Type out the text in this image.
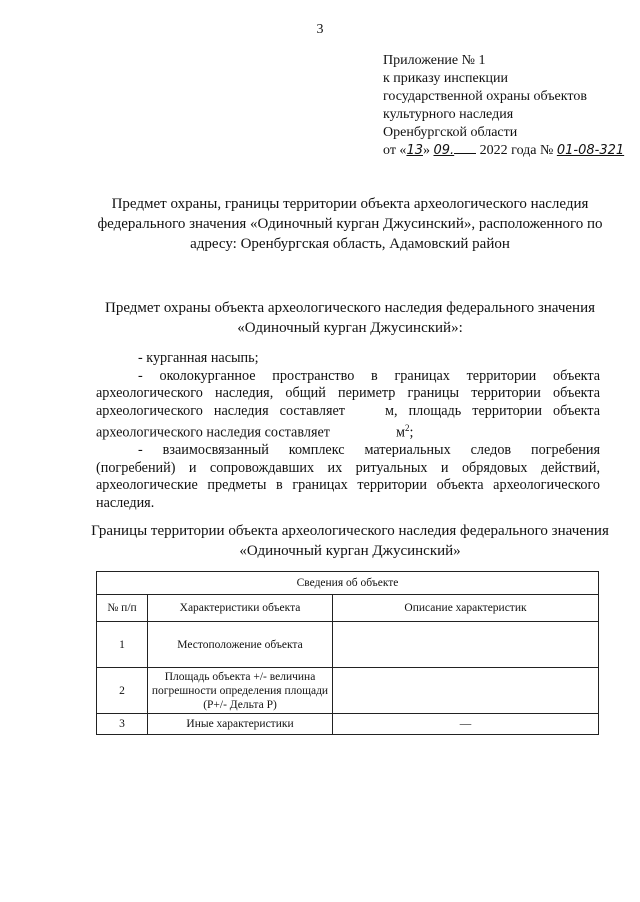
3
Приложение № 1
к приказу инспекции
государственной охраны объектов
культурного наследия
Оренбургской области
от «13» 09. 2022 года № 01-08-321
Предмет охраны, границы территории объекта археологического наследия федерального значения «Одиночный курган Джусинский», расположенного по адресу: Оренбургская область, Адамовский район
Предмет охраны объекта археологического наследия федерального значения «Одиночный курган Джусинский»:

- курганная насыпь;

- околокурганное пространство в границах территории объекта археологического наследия, общий периметр границы территории объекта археологического наследия составляет	м, площадь территории объекта археологического наследия составляет	$м^2$;

- взаимосвязанный комплекс материальных следов погребения (погребений) и сопровождавших их ритуальных и обрядовых действий, археологические предметы в границах территории объекта археологического наследия.

Границы территории объекта археологического наследия федерального значения «Одиночный курган Джусинский»
Сведения об объекте		
№ п/п	Характеристики объекта	Описание характеристик
1	Местоположение объекта	
2	Площадь объекта +/- величина погрешности определения площади (P+/- Дельта P)	
3	Иные характеристики	—
